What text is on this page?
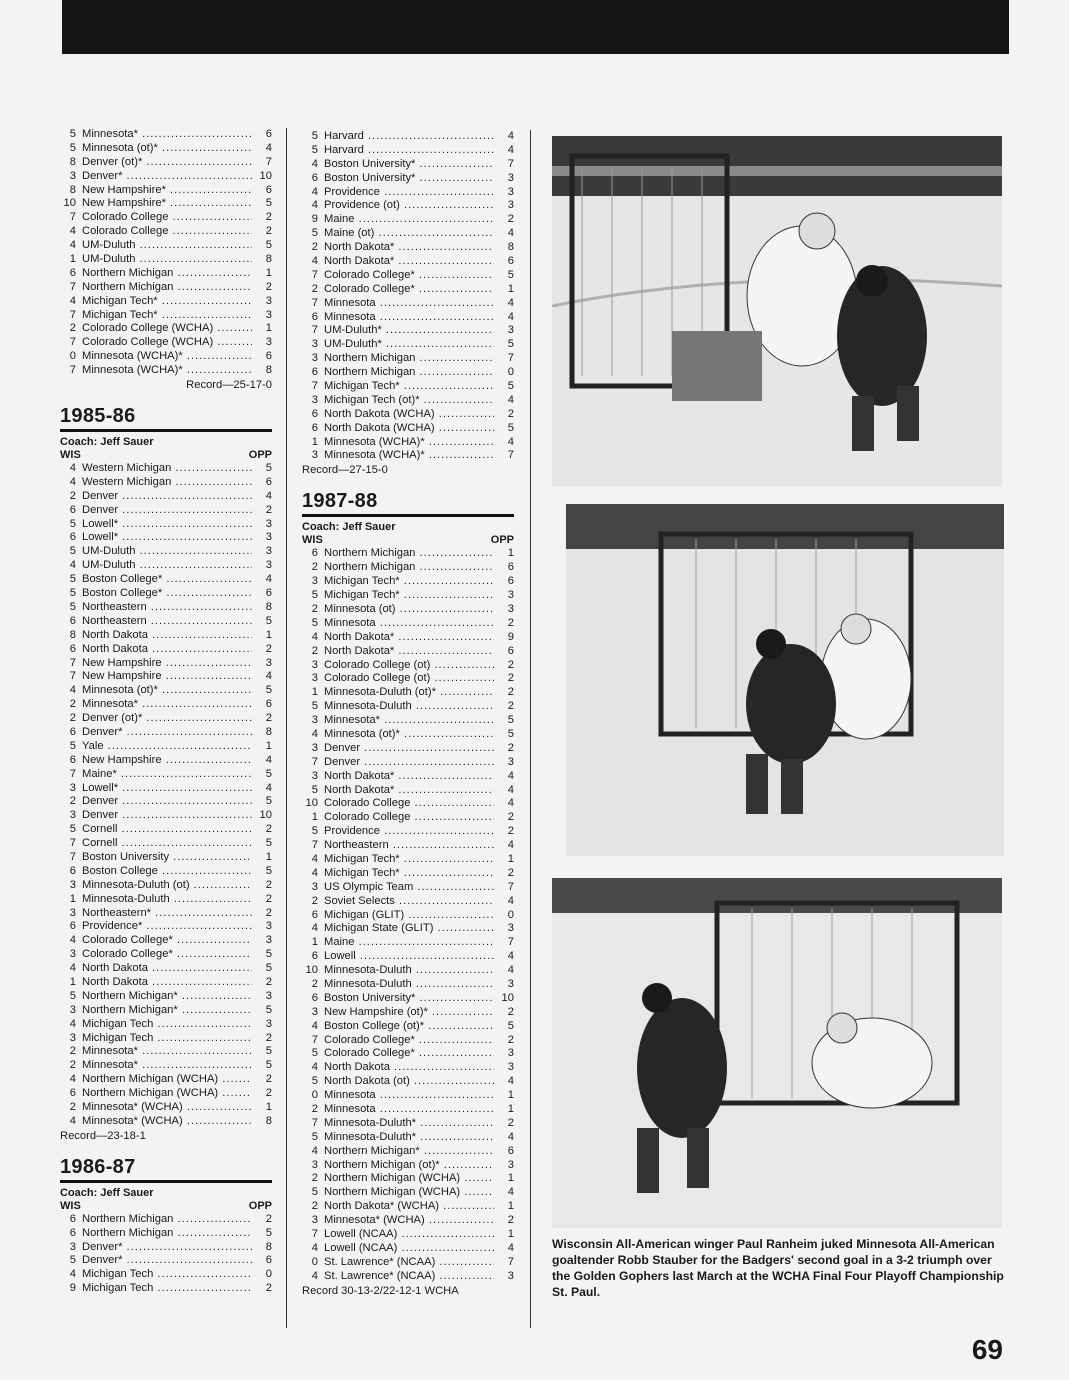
5 Minnesota* .....	6
5 Minnesota (ot)* .....	4
8 Denver (ot)* .....	7
3 Denver* .....	10
8 New Hampshire* .....	6
10 New Hampshire* .....	5
7 Colorado College .....	2
4 Colorado College .....	2
4 UM-Duluth .....	5
1 UM-Duluth .....	8
6 Northern Michigan .....	1
7 Northern Michigan .....	2
4 Michigan Tech* .....	3
7 Michigan Tech* .....	3
2 Colorado College (WCHA) .....	1
7 Colorado College (WCHA) .....	3
0 Minnesota (WCHA)* .....	6
7 Minnesota (WCHA)* .....	8
Record—25-17-0
1985-86
Coach: Jeff Sauer
WIS	OPP
4 Western Michigan .....	5
4 Western Michigan .....	6
2 Denver .....	4
6 Denver .....	2
5 Lowell* .....	3
6 Lowell* .....	3
5 UM-Duluth .....	3
4 UM-Duluth .....	3
5 Boston College* .....	4
5 Boston College* .....	6
5 Northeastern .....	8
6 Northeastern .....	5
8 North Dakota .....	1
6 North Dakota .....	2
7 New Hampshire .....	3
7 New Hampshire .....	4
4 Minnesota (ot)* .....	5
2 Minnesota* .....	6
2 Denver (ot)* .....	2
6 Denver* .....	8
5 Yale .....	1
6 New Hampshire .....	4
7 Maine* .....	5
3 Lowell* .....	4
2 Denver .....	5
3 Denver .....	10
5 Cornell .....	2
7 Cornell .....	5
7 Boston University .....	1
6 Boston College .....	5
3 Minnesota-Duluth (ot) .....	2
1 Minnesota-Duluth .....	2
3 Northeastern* .....	2
6 Providence* .....	3
4 Colorado College* .....	3
3 Colorado College* .....	5
4 North Dakota .....	5
1 North Dakota .....	2
5 Northern Michigan* .....	3
3 Northern Michigan* .....	5
4 Michigan Tech .....	3
3 Michigan Tech .....	2
2 Minnesota* .....	5
2 Minnesota* .....	5
4 Northern Michigan (WCHA) .....	2
6 Northern Michigan (WCHA) .....	2
2 Minnesota* (WCHA) .....	1
4 Minnesota* (WCHA) .....	8
Record—23-18-1
1986-87
Coach: Jeff Sauer
WIS	OPP
6 Northern Michigan .....	2
6 Northern Michigan .....	5
3 Denver* .....	8
5 Denver* .....	6
4 Michigan Tech .....	0
9 Michigan Tech .....	2
5 Harvard .....	4
5 Harvard .....	4
4 Boston University* .....	7
6 Boston University* .....	3
4 Providence .....	3
4 Providence (ot) .....	3
9 Maine .....	2
5 Maine (ot) .....	4
2 North Dakota* .....	8
4 North Dakota* .....	6
7 Colorado College* .....	5
2 Colorado College* .....	1
7 Minnesota .....	4
6 Minnesota .....	4
7 UM-Duluth* .....	3
3 UM-Duluth* .....	5
3 Northern Michigan .....	7
6 Northern Michigan .....	0
7 Michigan Tech* .....	5
3 Michigan Tech (ot)* .....	4
6 North Dakota (WCHA) .....	2
6 North Dakota (WCHA) .....	5
1 Minnesota (WCHA)* .....	4
3 Minnesota (WCHA)* .....	7
Record—27-15-0
1987-88
Coach: Jeff Sauer
WIS	OPP
6 Northern Michigan .....	1
2 Northern Michigan .....	6
3 Michigan Tech* .....	6
5 Michigan Tech* .....	3
2 Minnesota (ot) .....	3
5 Minnesota .....	2
4 North Dakota* .....	9
2 North Dakota* .....	6
3 Colorado College (ot) .....	2
3 Colorado College (ot) .....	2
1 Minnesota-Duluth (ot)* .....	2
5 Minnesota-Duluth .....	2
3 Minnesota* .....	5
4 Minnesota (ot)* .....	5
3 Denver .....	2
7 Denver .....	3
3 North Dakota* .....	4
5 North Dakota* .....	4
10 Colorado College .....	4
1 Colorado College .....	2
5 Providence .....	2
7 Northeastern .....	4
4 Michigan Tech* .....	1
4 Michigan Tech* .....	2
3 US Olympic Team .....	7
2 Soviet Selects .....	4
6 Michigan (GLIT) .....	0
4 Michigan State (GLIT) .....	3
1 Maine .....	7
6 Lowell .....	4
10 Minnesota-Duluth .....	4
2 Minnesota-Duluth .....	3
6 Boston University* .....	10
3 New Hampshire (ot)* .....	2
4 Boston College (ot)* .....	5
7 Colorado College* .....	2
5 Colorado College* .....	3
4 North Dakota .....	3
5 North Dakota (ot) .....	4
0 Minnesota .....	1
2 Minnesota .....	1
7 Minnesota-Duluth* .....	2
5 Minnesota-Duluth* .....	4
4 Northern Michigan* .....	6
3 Northern Michigan (ot)* .....	3
2 Northern Michigan (WCHA) .....	1
5 Northern Michigan (WCHA) .....	4
2 North Dakota* (WCHA) .....	1
3 Minnesota* (WCHA) .....	2
7 Lowell (NCAA) .....	1
4 Lowell (NCAA) .....	4
0 St. Lawrence* (NCAA) .....	7
4 St. Lawrence* (NCAA) .....	3
Record 30-13-2/22-12-1 WCHA
Wisconsin All-American winger Paul Ranheim juked Minnesota All-American goaltender Robb Stauber for the Badgers' second goal in a 3-2 triumph over the Golden Gophers last March at the WCHA Final Four Playoff Championship St. Paul.
69
